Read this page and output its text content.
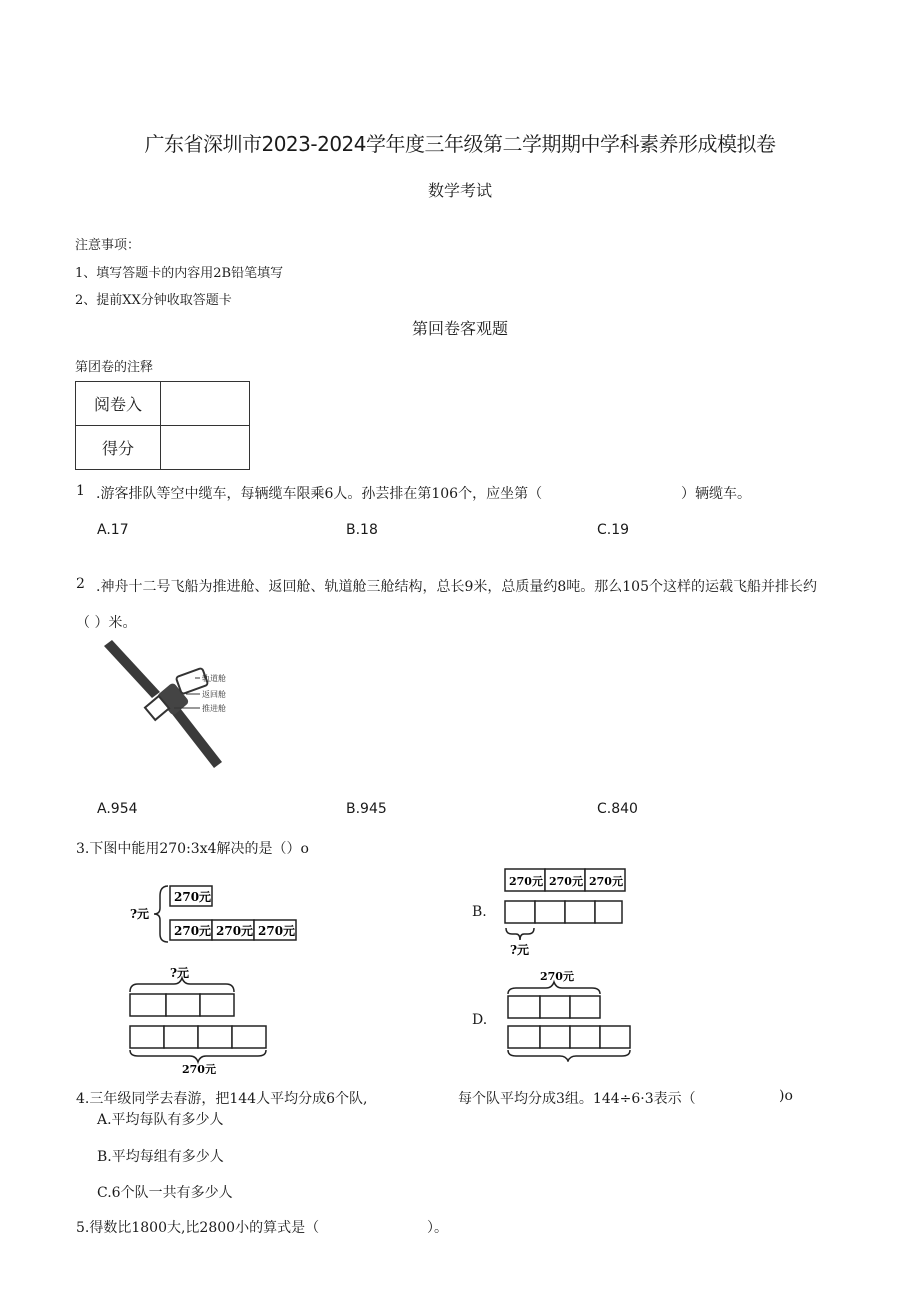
广东省深圳市2023-2024学年度三年级第二学期期中学科素养形成模拟卷
数学考试
注意事项：
1、填写答题卡的内容用2B铅笔填写
2、提前XX分钟收取答题卡
第回卷客观题
第团卷的注释
阅卷入	
得分	
1 .游客排队等空中缆车，每辆缆车限乘6人。孙芸排在第106个，应坐第（	）辆缆车。
A.17	B.18	C.19
2 .神舟十二号飞船为推进舱、返回舱、轨道舱三舱结构，总长9米，总质量约8吨。那么105个这样的运载飞船并排长约
（ ）米。
轨道舱
返回舱
推进舱
A.954	B.945	C.840
3.下图中能用270:3x4解决的是（）o
?元
270元
270元 270元 270元
B.
270元 270元 270元
?元
?元
270元
D.
270元
4.三年级同学去春游，把144人平均分成6个队,	每个队平均分成3组。144÷6·3表示（	)o
A.平均每队有多少人
B.平均每组有多少人
C.6个队一共有多少人
5.得数比1800大,比2800小的算式是（	）。
